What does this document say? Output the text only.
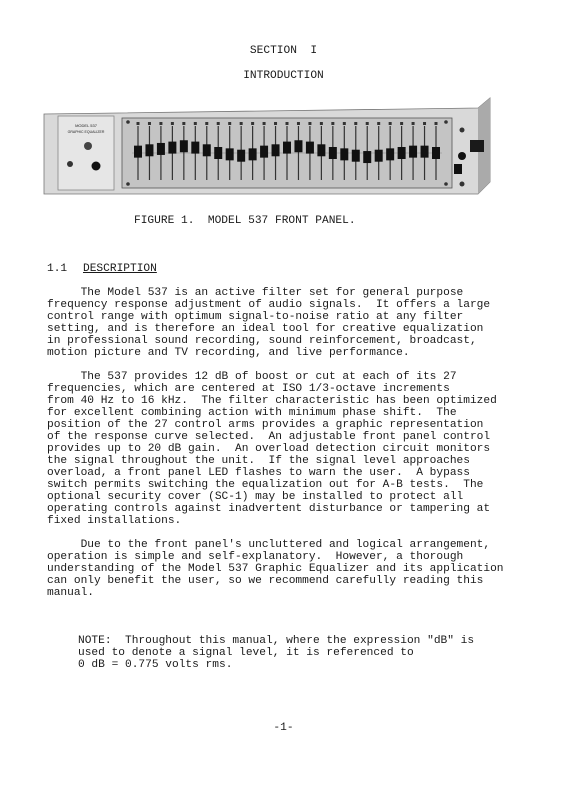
SECTION  I
INTRODUCTION
MODEL 537
GRAPHIC EQUALIZER
FIGURE 1.  MODEL 537 FRONT PANEL.
1.1 DESCRIPTION
The Model 537 is an active filter set for general purpose
frequency response adjustment of audio signals.  It offers a large
control range with optimum signal-to-noise ratio at any filter
setting, and is therefore an ideal tool for creative equalization
in professional sound recording, sound reinforcement, broadcast,
motion picture and TV recording, and live performance.
The 537 provides 12 dB of boost or cut at each of its 27
frequencies, which are centered at ISO 1/3-octave increments
from 40 Hz to 16 kHz.  The filter characteristic has been optimized
for excellent combining action with minimum phase shift.  The
position of the 27 control arms provides a graphic representation
of the response curve selected.  An adjustable front panel control
provides up to 20 dB gain.  An overload detection circuit monitors
the signal throughout the unit.  If the signal level approaches
overload, a front panel LED flashes to warn the user.  A bypass
switch permits switching the equalization out for A-B tests.  The
optional security cover (SC-1) may be installed to protect all
operating controls against inadvertent disturbance or tampering at
fixed installations.
Due to the front panel's uncluttered and logical arrangement,
operation is simple and self-explanatory.  However, a thorough
understanding of the Model 537 Graphic Equalizer and its application
can only benefit the user, so we recommend carefully reading this
manual.
NOTE:  Throughout this manual, where the expression "dB" is
used to denote a signal level, it is referenced to
0 dB = 0.775 volts rms.
-1-
